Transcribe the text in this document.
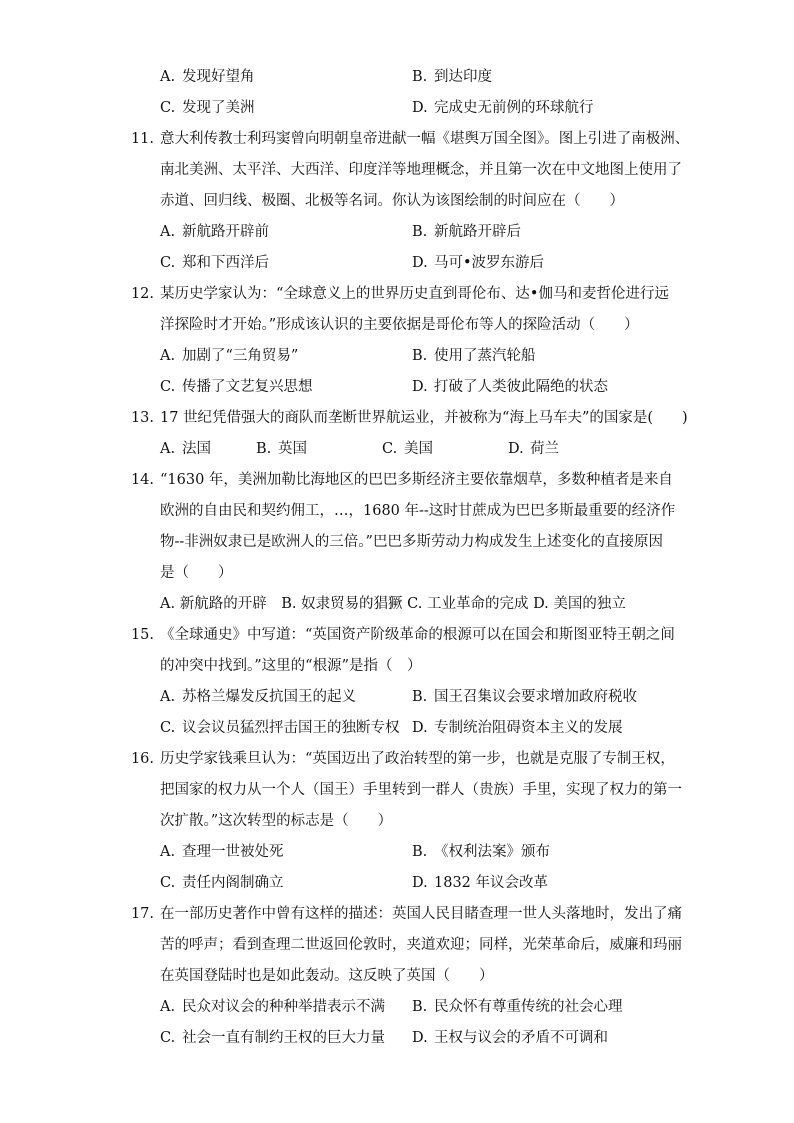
A. 发现好望角	B. 到达印度
C. 发现了美洲	D. 完成史无前例的环球航行
11. 意大利传教士利玛窦曾向明朝皇帝进献一幅《堪舆万国全图》。图上引进了南极洲、
南北美洲、太平洋、大西洋、印度洋等地理概念，并且第一次在中文地图上使用了
赤道、回归线、极圈、北极等名词。你认为该图绘制的时间应在（　　）
A. 新航路开辟前	B. 新航路开辟后
C. 郑和下西洋后	D. 马可•波罗东游后
12. 某历史学家认为：“全球意义上的世界历史直到哥伦布、达•伽马和麦哲伦进行远
洋探险时才开始。”形成该认识的主要依据是哥伦布等人的探险活动（　　）
A. 加剧了“三角贸易”	B. 使用了蒸汽轮船
C. 传播了文艺复兴思想	D. 打破了人类彼此隔绝的状态
13. 17 世纪凭借强大的商队而垄断世界航运业，并被称为“海上马车夫”的国家是(　　)
A. 法国	B. 英国	C. 美国	D. 荷兰
14. “1630 年，美洲加勒比海地区的巴巴多斯经济主要依靠烟草，多数种植者是来自
欧洲的自由民和契约佣工，…，1680 年--这时甘蔗成为巴巴多斯最重要的经济作
物--非洲奴隶已是欧洲人的三倍。”巴巴多斯劳动力构成发生上述变化的直接原因
是（　　）
A. 新航路的开辟　B. 奴隶贸易的猖獗 C. 工业革命的完成 D. 美国的独立
15. 《全球通史》中写道：“英国资产阶级革命的根源可以在国会和斯图亚特王朝之间
的冲突中找到。”这里的“根源”是指（　）
A. 苏格兰爆发反抗国王的起义	B. 国王召集议会要求增加政府税收
C. 议会议员猛烈抨击国王的独断专权 D. 专制统治阻碍资本主义的发展
16. 历史学家钱乘旦认为：“英国迈出了政治转型的第一步，也就是克服了专制王权，
把国家的权力从一个人（国王）手里转到一群人（贵族）手里，实现了权力的第一
次扩散。”这次转型的标志是（　　）
A. 查理一世被处死	B. 《权利法案》颁布
C. 责任内阁制确立	D. 1832 年议会改革
17. 在一部历史著作中曾有这样的描述：英国人民目睹查理一世人头落地时，发出了痛
苦的呼声；看到查理二世返回伦敦时，夹道欢迎；同样，光荣革命后，威廉和玛丽
在英国登陆时也是如此轰动。这反映了英国（　　）
A. 民众对议会的种种举措表示不满	B. 民众怀有尊重传统的社会心理
C. 社会一直有制约王权的巨大力量	D. 王权与议会的矛盾不可调和
